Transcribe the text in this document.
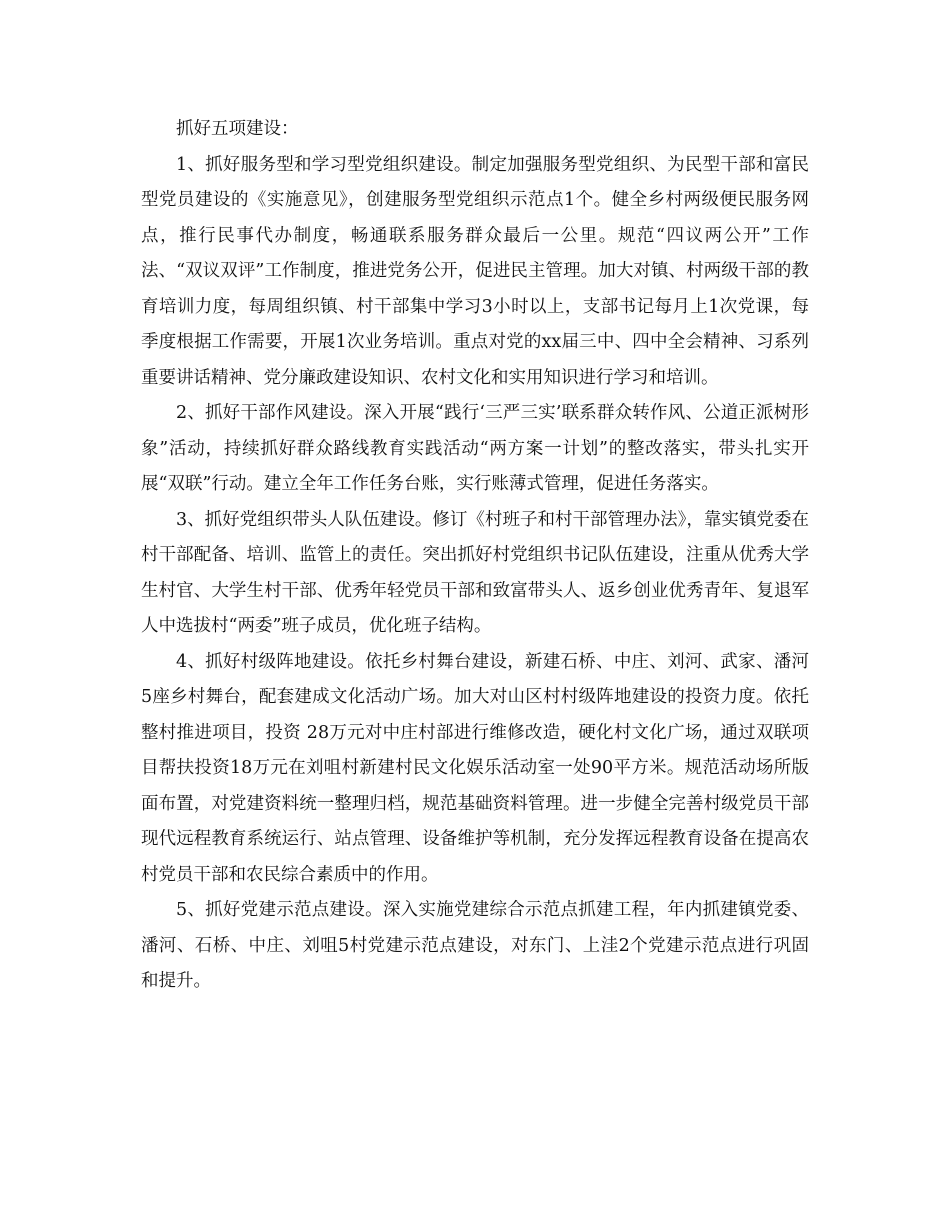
抓好五项建设：

1、抓好服务型和学习型党组织建设。制定加强服务型党组织、为民型干部和富民型党员建设的《实施意见》，创建服务型党组织示范点1个。健全乡村两级便民服务网点，推行民事代办制度，畅通联系服务群众最后一公里。规范“四议两公开”工作法、“双议双评”工作制度，推进党务公开，促进民主管理。加大对镇、村两级干部的教育培训力度，每周组织镇、村干部集中学习3小时以上，支部书记每月上1次党课，每季度根据工作需要，开展1次业务培训。重点对党的xx届三中、四中全会精神、习系列重要讲话精神、党分廉政建设知识、农村文化和实用知识进行学习和培训。

2、抓好干部作风建设。深入开展“践行‘三严三实’联系群众转作风、公道正派树形象”活动，持续抓好群众路线教育实践活动“两方案一计划”的整改落实，带头扎实开展“双联”行动。建立全年工作任务台账，实行账薄式管理，促进任务落实。

3、抓好党组织带头人队伍建设。修订《村班子和村干部管理办法》，靠实镇党委在村干部配备、培训、监管上的责任。突出抓好村党组织书记队伍建设，注重从优秀大学生村官、大学生村干部、优秀年轻党员干部和致富带头人、返乡创业优秀青年、复退军人中选拔村“两委”班子成员，优化班子结构。

4、抓好村级阵地建设。依托乡村舞台建设，新建石桥、中庄、刘河、武家、潘河5座乡村舞台，配套建成文化活动广场。加大对山区村村级阵地建设的投资力度。依托整村推进项目，投资 28万元对中庄村部进行维修改造，硬化村文化广场，通过双联项目帮扶投资18万元在刘咀村新建村民文化娱乐活动室一处90平方米。规范活动场所版面布置，对党建资料统一整理归档，规范基础资料管理。进一步健全完善村级党员干部现代远程教育系统运行、站点管理、设备维护等机制，充分发挥远程教育设备在提高农村党员干部和农民综合素质中的作用。

5、抓好党建示范点建设。深入实施党建综合示范点抓建工程，年内抓建镇党委、潘河、石桥、中庄、刘咀5村党建示范点建设，对东门、上洼2个党建示范点进行巩固和提升。
